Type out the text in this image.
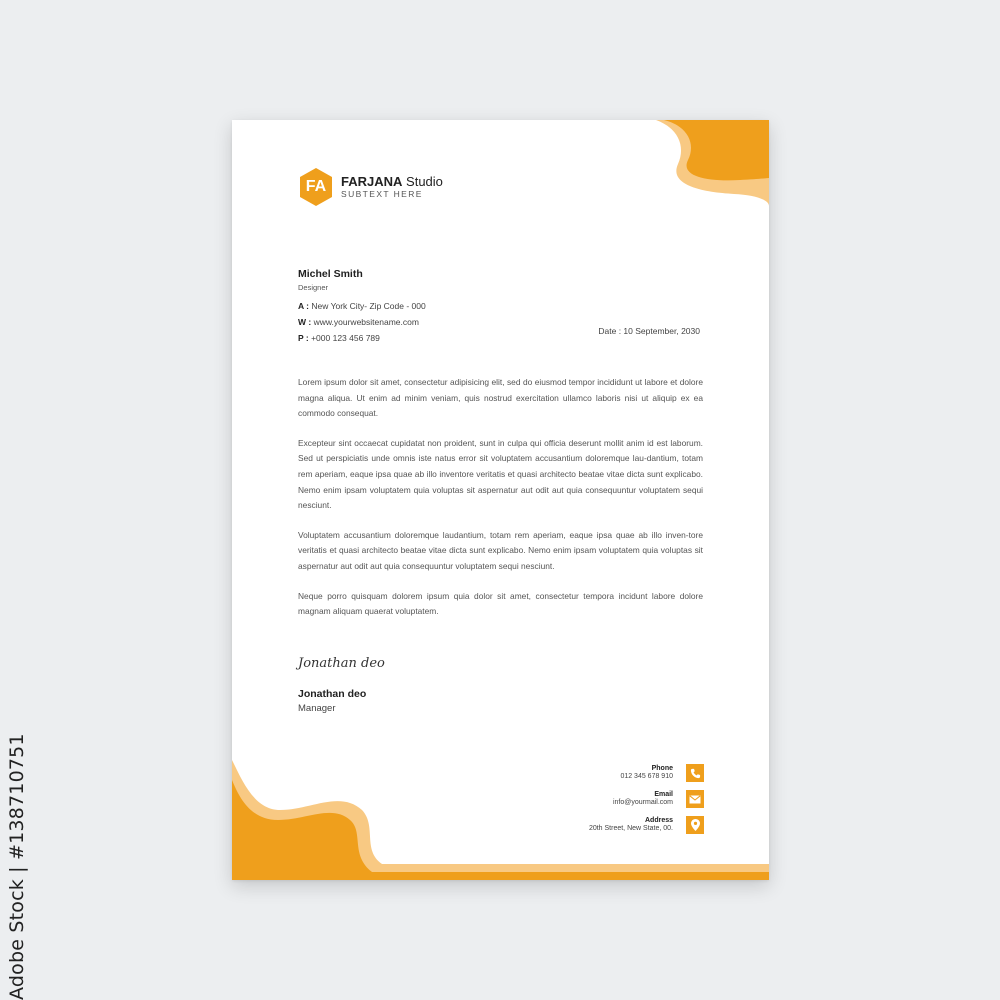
Adobe Stock | #138710751
FA	FARJANA Studio
SUBTEXT HERE
Michel Smith
Designer
A : New York City- Zip Code - 000
W : www.yourwebsitename.com
P : +000 123 456 789
Date : 10 September, 2030

Lorem ipsum dolor sit amet, consectetur adipisicing elit, sed do eiusmod tempor incididunt ut labore et dolore magna aliqua. Ut enim ad minim veniam, quis nostrud exercitation ullamco laboris nisi ut aliquip ex ea commodo consequat.

Excepteur sint occaecat cupidatat non proident, sunt in culpa qui officia deserunt mollit anim id est laborum. Sed ut perspiciatis unde omnis iste natus error sit voluptatem accusantium doloremque lau-dantium, totam rem aperiam, eaque ipsa quae ab illo inventore veritatis et quasi architecto beatae vitae dicta sunt explicabo. Nemo enim ipsam voluptatem quia voluptas sit aspernatur aut odit aut quia consequuntur voluptatem sequi nesciunt.

Voluptatem accusantium doloremque laudantium, totam rem aperiam, eaque ipsa quae ab illo inven-tore veritatis et quasi architecto beatae vitae dicta sunt explicabo. Nemo enim ipsam voluptatem quia voluptas sit aspernatur aut odit aut quia consequuntur voluptatem sequi nesciunt.

Neque porro quisquam dolorem ipsum quia dolor sit amet, consectetur tempora incidunt labore dolore magnam aliquam quaerat voluptatem.

Jonathan deo
Jonathan deo
Manager
Phone
012 345 678 910
Email
info@yourmail.com
Address
20th Street, New State, 00.
